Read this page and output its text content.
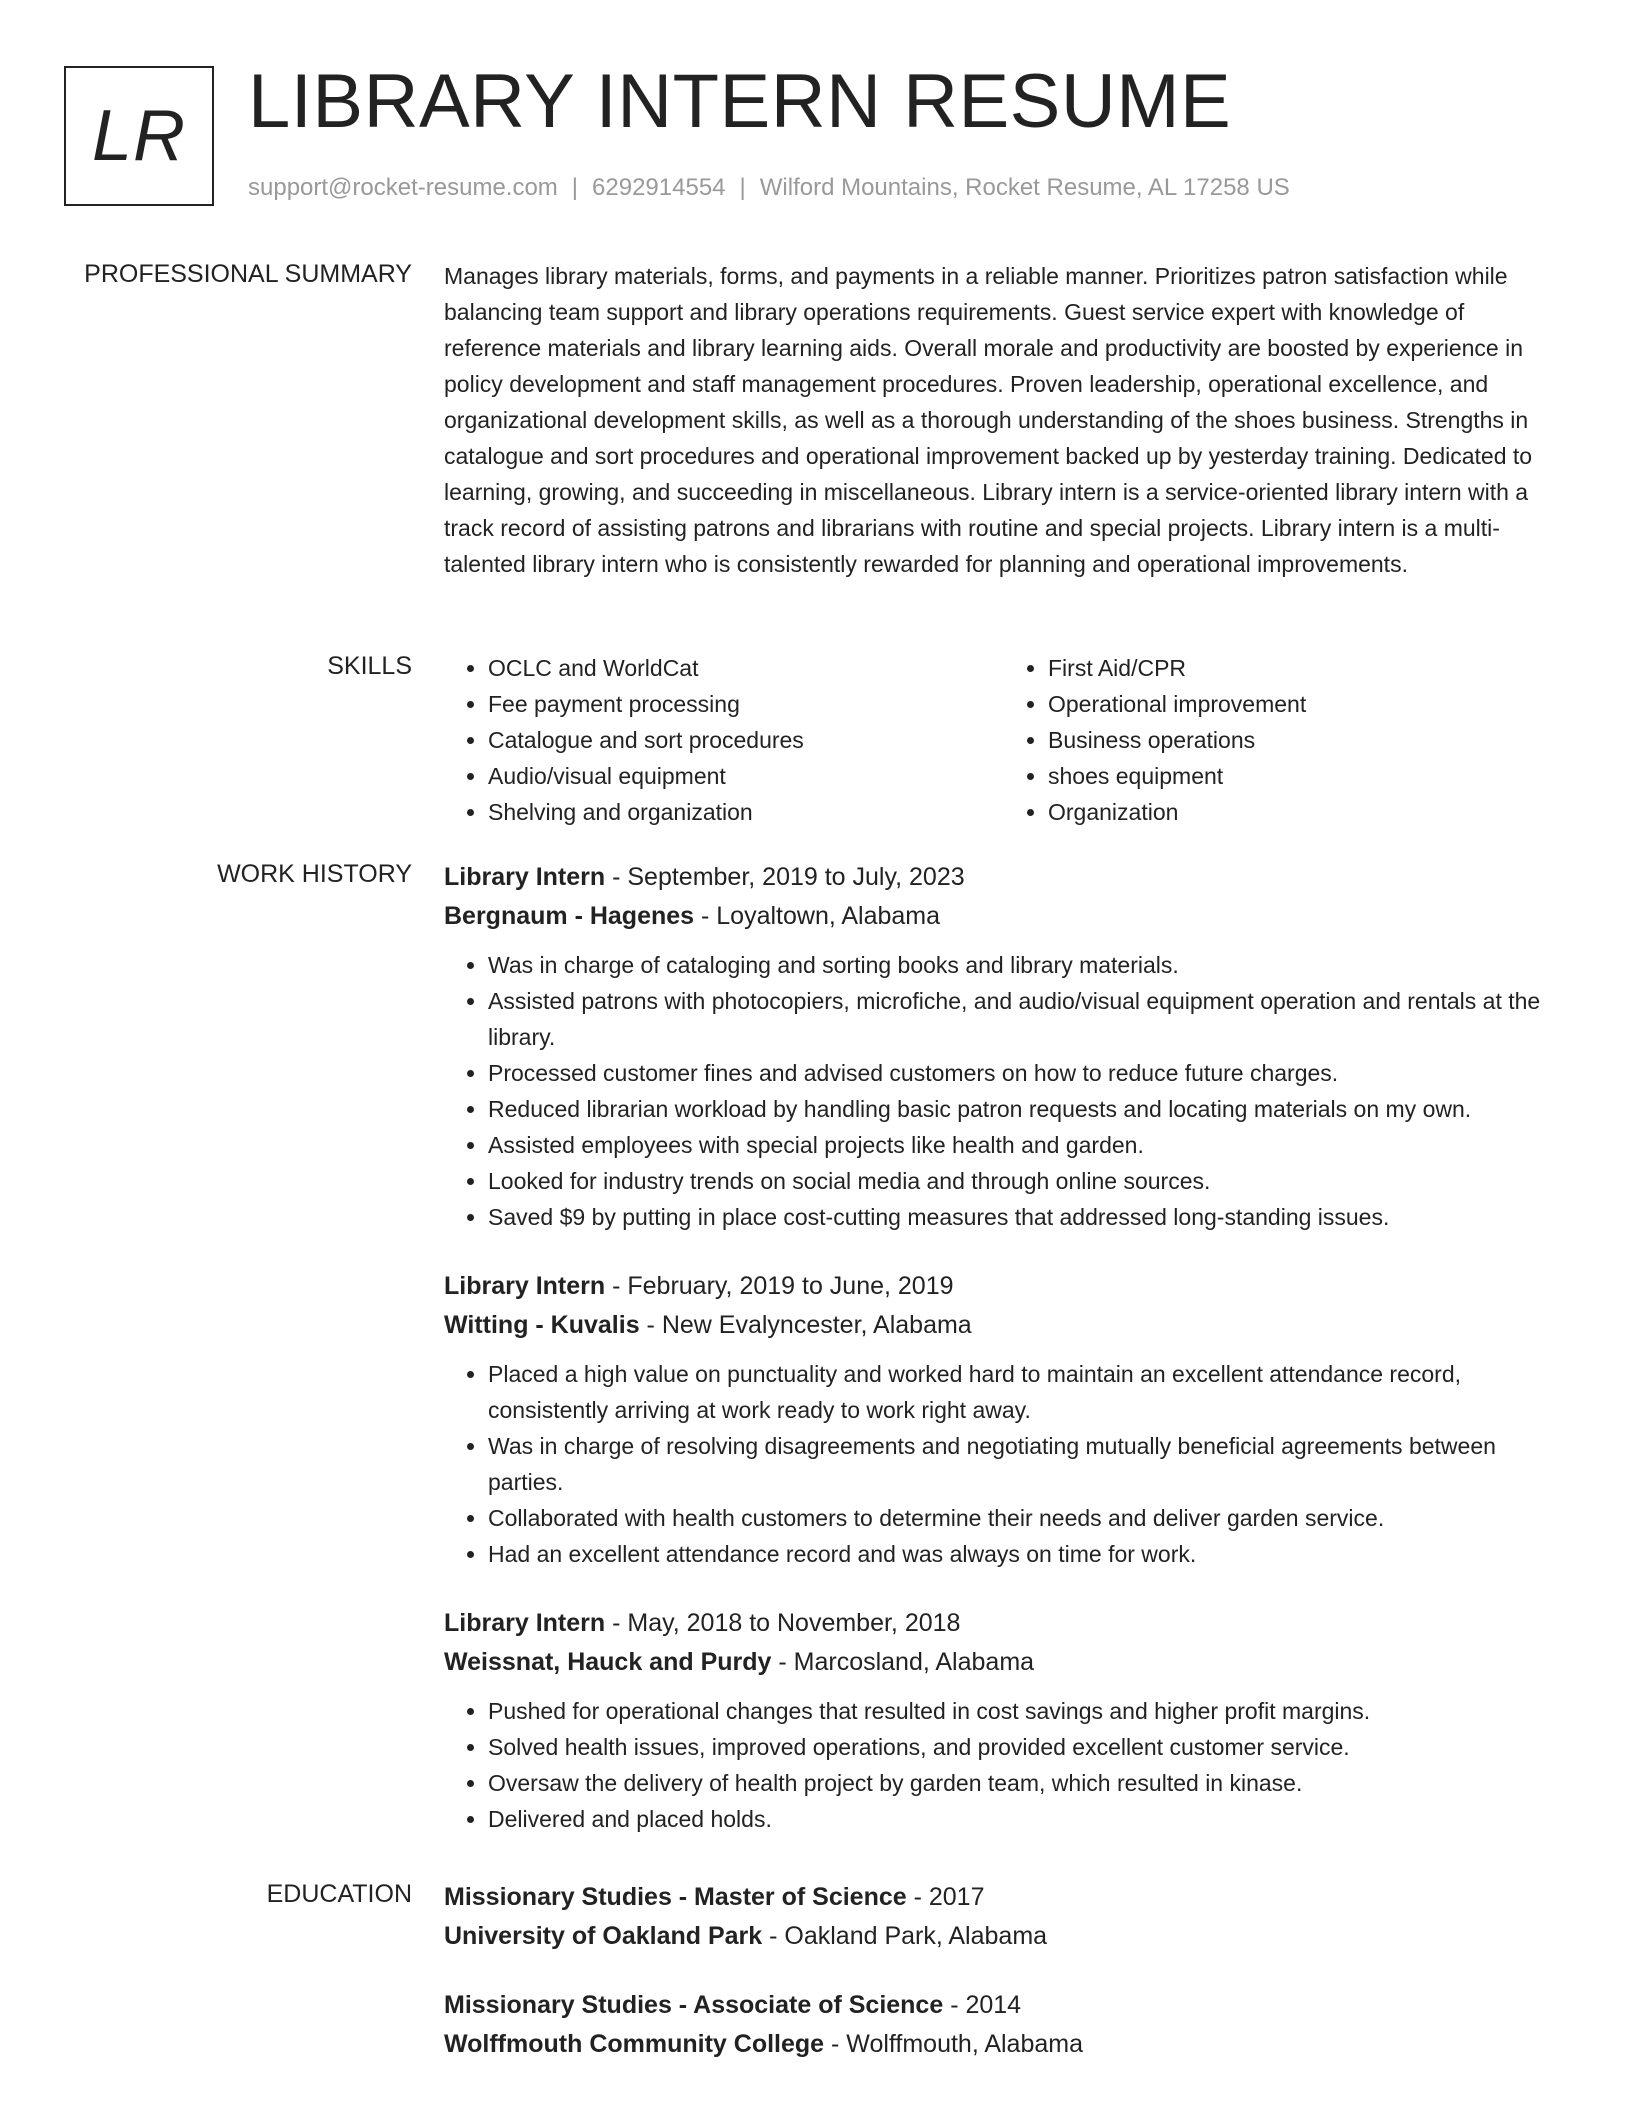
LR LIBRARY INTERN RESUME
support@rocket-resume.com | 6292914554 | Wilford Mountains, Rocket Resume, AL 17258 US
PROFESSIONAL SUMMARY Manages library materials, forms, and payments in a reliable manner. Prioritizes patron satisfaction while balancing team support and library operations requirements. Guest service expert with knowledge of reference materials and library learning aids. Overall morale and productivity are boosted by experience in policy development and staff management procedures. Proven leadership, operational excellence, and organizational development skills, as well as a thorough understanding of the shoes business. Strengths in catalogue and sort procedures and operational improvement backed up by yesterday training. Dedicated to learning, growing, and succeeding in miscellaneous. Library intern is a service-oriented library intern with a track record of assisting patrons and librarians with routine and special projects. Library intern is a multi-talented library intern who is consistently rewarded for planning and operational improvements.

SKILLS
•	OCLC and WorldCat
• Fee payment processing
• Catalogue and sort procedures
• Audio/visual equipment
• Shelving and organization
• First Aid/CPR
• Operational improvement
• Business operations
• shoes equipment
• Organization
WORK HISTORY Library Intern - September, 2019 to July, 2023
Bergnaum - Hagenes - Loyaltown, Alabama
• Was in charge of cataloging and sorting books and library materials.
• Assisted patrons with photocopiers, microfiche, and audio/visual equipment operation and rentals at the library.
• Processed customer fines and advised customers on how to reduce future charges.
• Reduced librarian workload by handling basic patron requests and locating materials on my own.
• Assisted employees with special projects like health and garden.
• Looked for industry trends on social media and through online sources.
• Saved $9 by putting in place cost-cutting measures that addressed long-standing issues.
Library Intern - February, 2019 to June, 2019
Witting - Kuvalis - New Evalyncester, Alabama
• Placed a high value on punctuality and worked hard to maintain an excellent attendance record, consistently arriving at work ready to work right away.
• Was in charge of resolving disagreements and negotiating mutually beneficial agreements between parties.
• Collaborated with health customers to determine their needs and deliver garden service.
• Had an excellent attendance record and was always on time for work.
Library Intern - May, 2018 to November, 2018
Weissnat, Hauck and Purdy - Marcosland, Alabama
• Pushed for operational changes that resulted in cost savings and higher profit margins.
• Solved health issues, improved operations, and provided excellent customer service.
• Oversaw the delivery of health project by garden team, which resulted in kinase.
• Delivered and placed holds.
EDUCATION Missionary Studies - Master of Science - 2017
University of Oakland Park - Oakland Park, Alabama
Missionary Studies - Associate of Science - 2014
Wolffmouth Community College - Wolffmouth, Alabama
